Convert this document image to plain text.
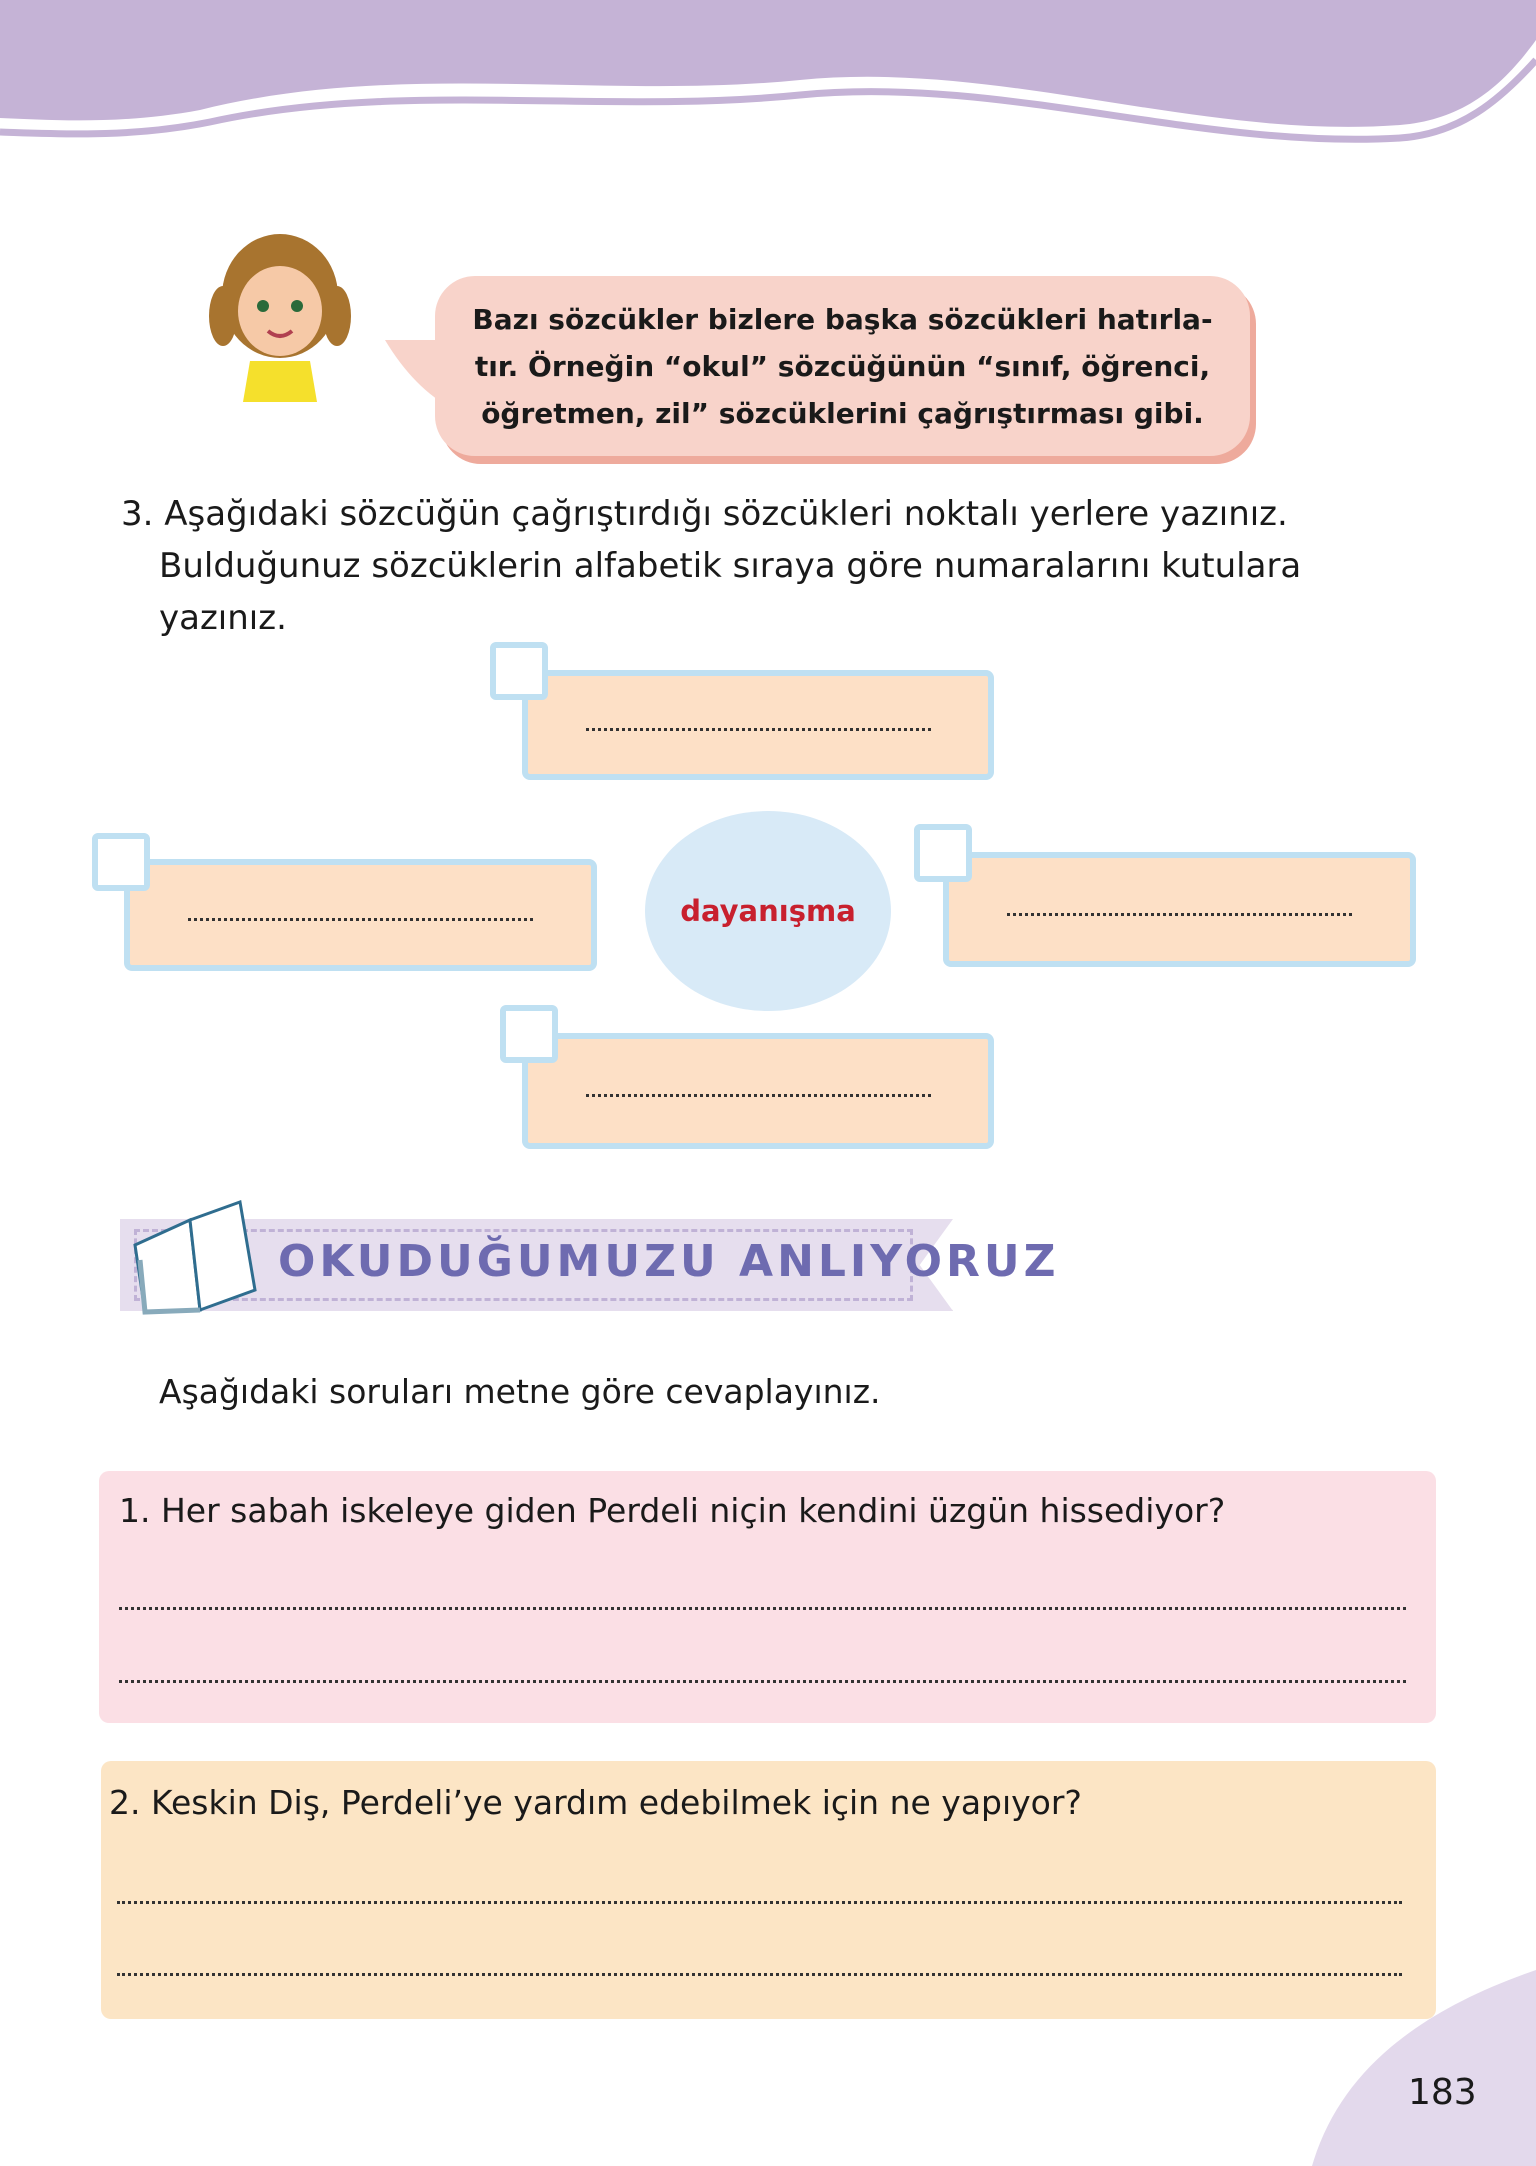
Bazı sözcükler bizlere başka sözcükleri hatırla-
tır. Örneğin “okul” sözcüğünün “sınıf, öğrenci,
öğretmen, zil” sözcüklerini çağrıştırması gibi.
3. Aşağıdaki sözcüğün çağrıştırdığı sözcükleri noktalı yerlere yazınız.
Bulduğunuz sözcüklerin alfabetik sıraya göre numaralarını kutulara
yazınız.
dayanışma
OKUDUĞUMUZU ANLIYORUZ
Aşağıdaki soruları metne göre cevaplayınız.
1. Her sabah iskeleye giden Perdeli niçin kendini üzgün hissediyor?
2. Keskin Diş, Perdeli’ye yardım edebilmek için ne yapıyor?
183
